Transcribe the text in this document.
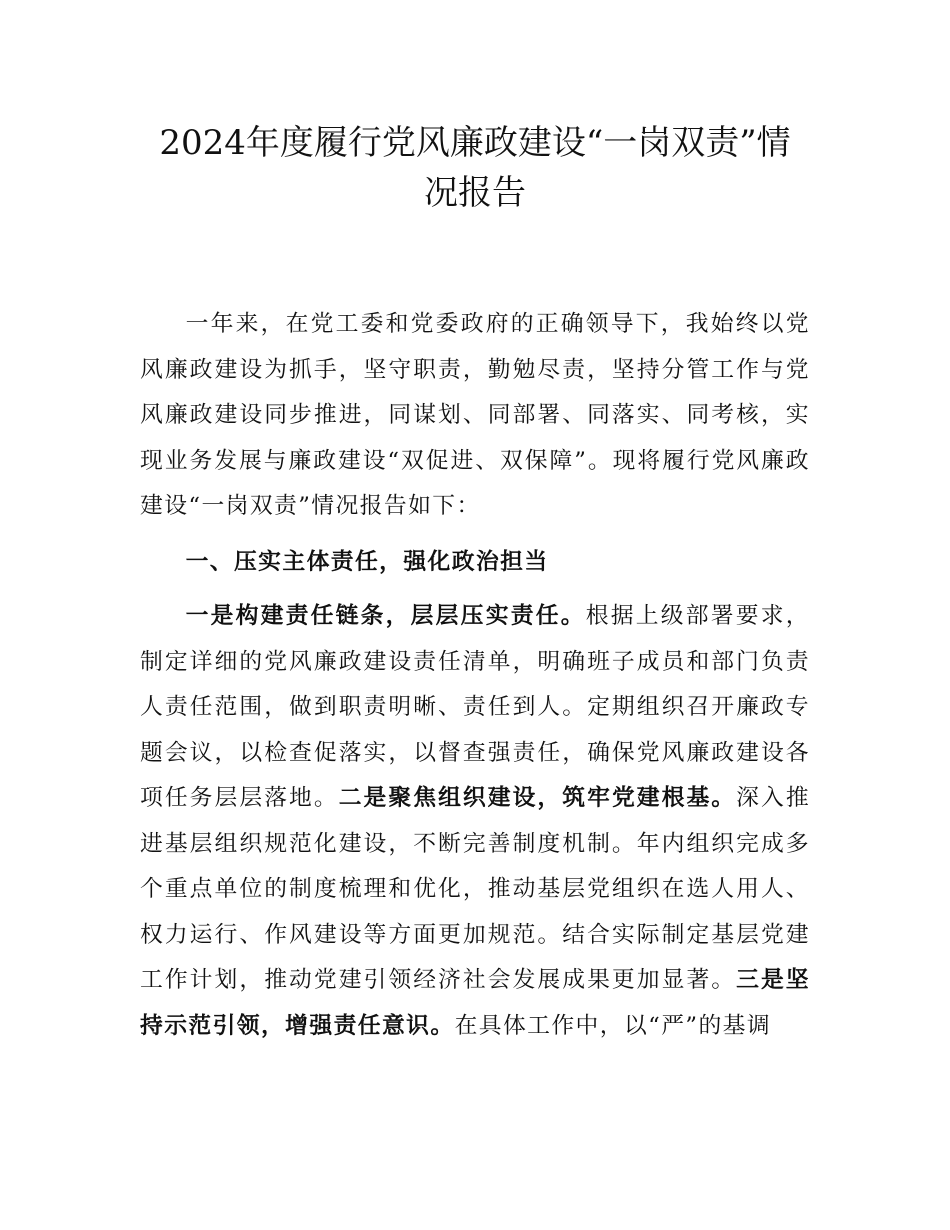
2024年度履行党风廉政建设“一岗双责”情
况报告

一年来，在党工委和党委政府的正确领导下，我始终以党风廉政建设为抓手，坚守职责，勤勉尽责，坚持分管工作与党风廉政建设同步推进，同谋划、同部署、同落实、同考核，实现业务发展与廉政建设“双促进、双保障”。现将履行党风廉政建设“一岗双责”情况报告如下：

一、压实主体责任，强化政治担当

一是构建责任链条，层层压实责任。根据上级部署要求，制定详细的党风廉政建设责任清单，明确班子成员和部门负责人责任范围，做到职责明晰、责任到人。定期组织召开廉政专题会议，以检查促落实，以督查强责任，确保党风廉政建设各项任务层层落地。二是聚焦组织建设，筑牢党建根基。深入推进基层组织规范化建设，不断完善制度机制。年内组织完成多个重点单位的制度梳理和优化，推动基层党组织在选人用人、权力运行、作风建设等方面更加规范。结合实际制定基层党建工作计划，推动党建引领经济社会发展成果更加显著。三是坚持示范引领，增强责任意识。在具体工作中，以“严”的基调
